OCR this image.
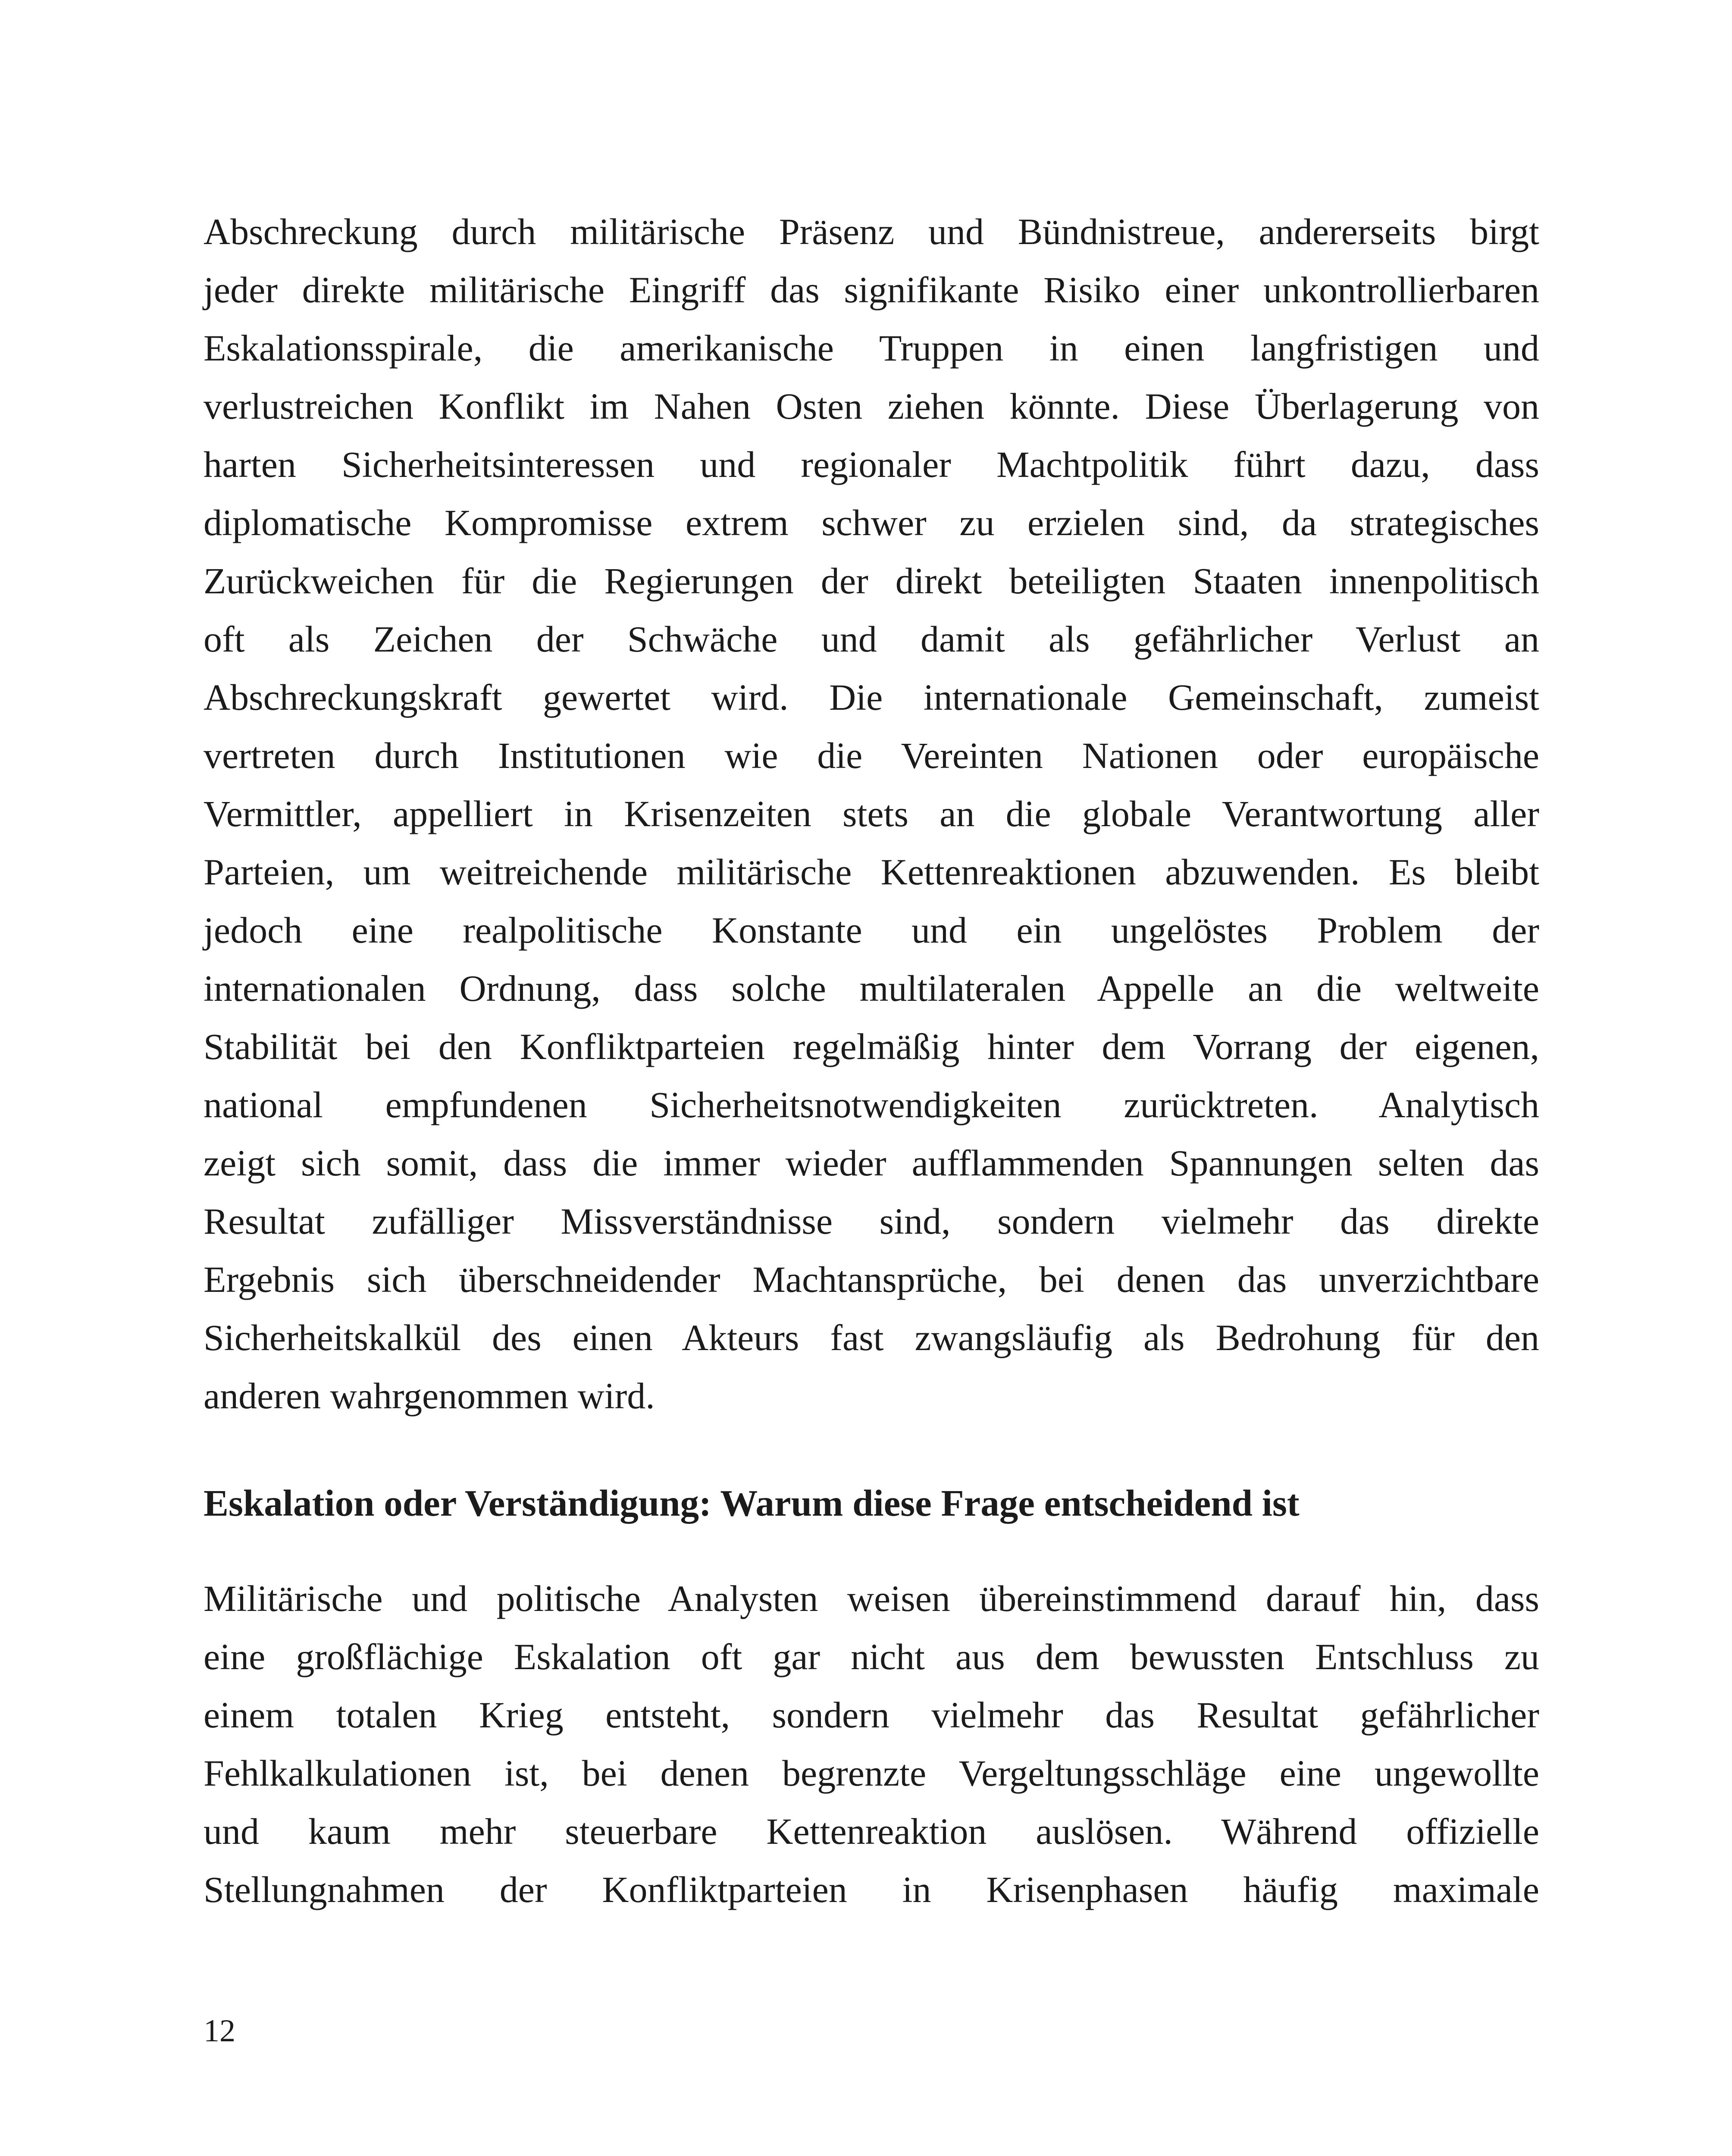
Abschreckung durch militärische Präsenz und Bündnistreue, andererseits birgt
jeder direkte militärische Eingriff das signifikante Risiko einer unkontrollierbaren
Eskalationsspirale, die amerikanische Truppen in einen langfristigen und
verlustreichen Konflikt im Nahen Osten ziehen könnte. Diese Überlagerung von
harten Sicherheitsinteressen und regionaler Machtpolitik führt dazu, dass
diplomatische Kompromisse extrem schwer zu erzielen sind, da strategisches
Zurückweichen für die Regierungen der direkt beteiligten Staaten innenpolitisch
oft als Zeichen der Schwäche und damit als gefährlicher Verlust an
Abschreckungskraft gewertet wird. Die internationale Gemeinschaft, zumeist
vertreten durch Institutionen wie die Vereinten Nationen oder europäische
Vermittler, appelliert in Krisenzeiten stets an die globale Verantwortung aller
Parteien, um weitreichende militärische Kettenreaktionen abzuwenden. Es bleibt
jedoch eine realpolitische Konstante und ein ungelöstes Problem der
internationalen Ordnung, dass solche multilateralen Appelle an die weltweite
Stabilität bei den Konfliktparteien regelmäßig hinter dem Vorrang der eigenen,
national empfundenen Sicherheitsnotwendigkeiten zurücktreten. Analytisch
zeigt sich somit, dass die immer wieder aufflammenden Spannungen selten das
Resultat zufälliger Missverständnisse sind, sondern vielmehr das direkte
Ergebnis sich überschneidender Machtansprüche, bei denen das unverzichtbare
Sicherheitskalkül des einen Akteurs fast zwangsläufig als Bedrohung für den
anderen wahrgenommen wird.

Eskalation oder Verständigung: Warum diese Frage entscheidend ist

Militärische und politische Analysten weisen übereinstimmend darauf hin, dass
eine großflächige Eskalation oft gar nicht aus dem bewussten Entschluss zu
einem totalen Krieg entsteht, sondern vielmehr das Resultat gefährlicher
Fehlkalkulationen ist, bei denen begrenzte Vergeltungsschläge eine ungewollte
und kaum mehr steuerbare Kettenreaktion auslösen. Während offizielle
Stellungnahmen der Konfliktparteien in Krisenphasen häufig maximale

12
